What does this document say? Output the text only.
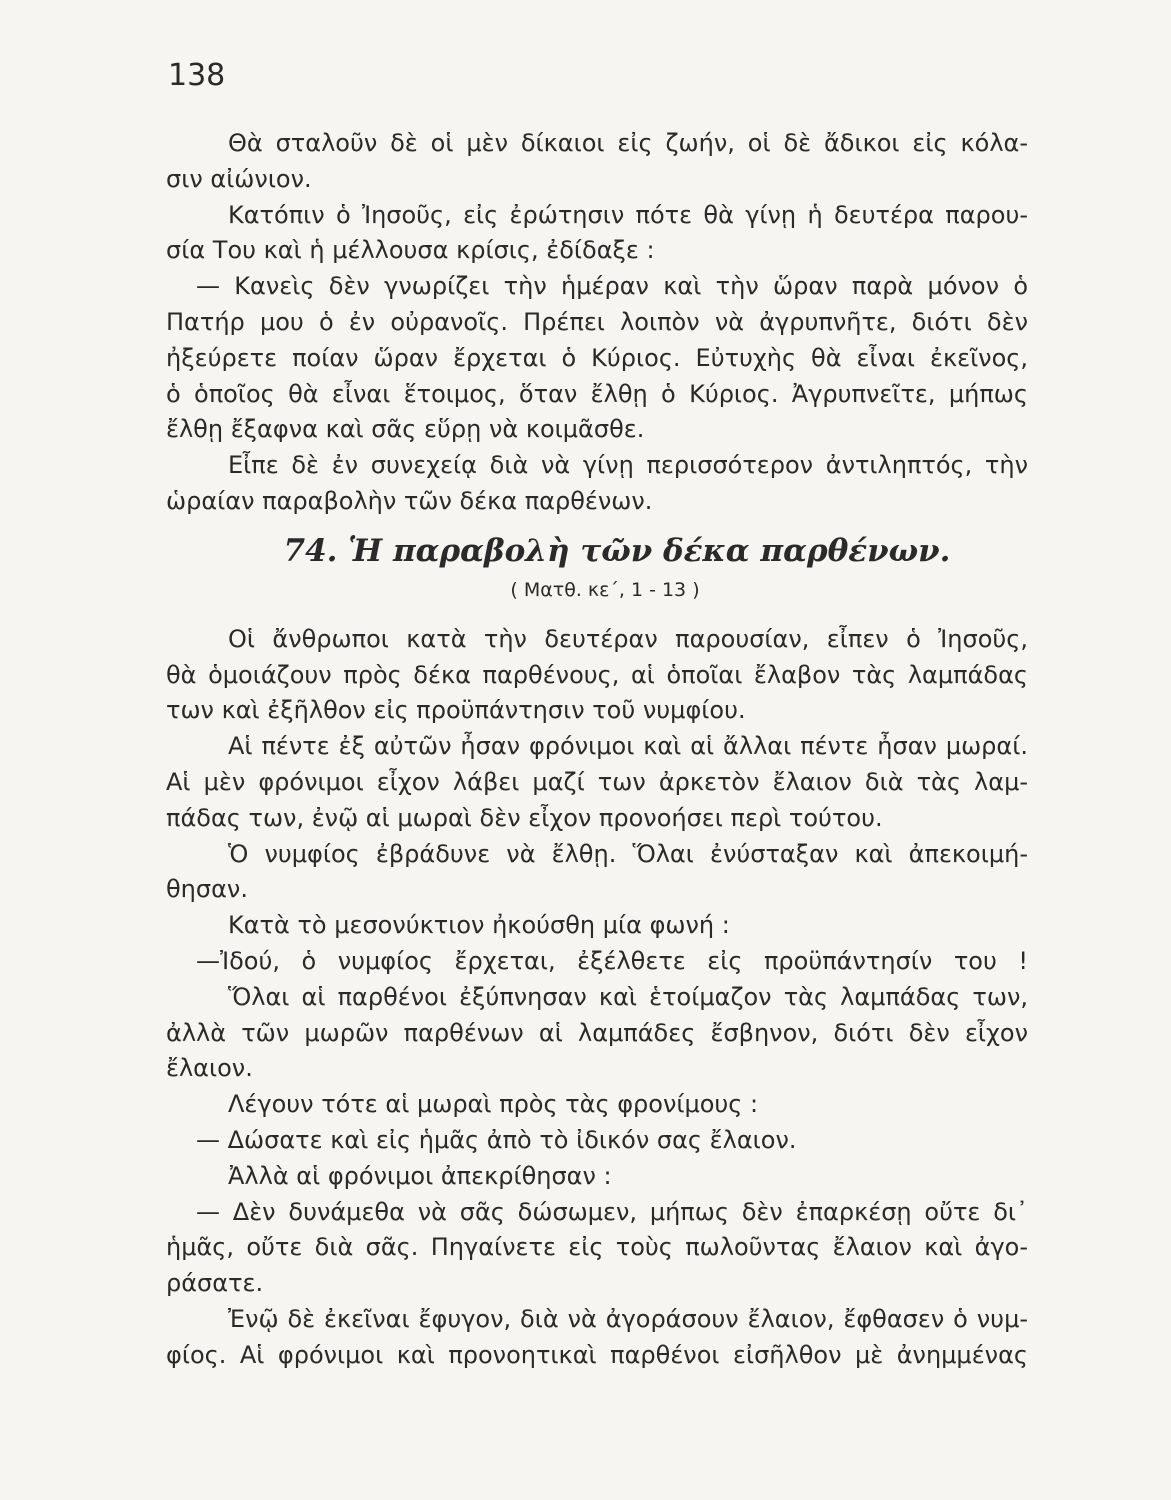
138
Θὰ σταλοῦν δὲ οἱ μὲν δίκαιοι εἰς ζωήν, οἱ δὲ ἄδικοι εἰς κόλα-
σιν αἰώνιον.
Κατόπιν ὁ Ἰησοῦς, εἰς ἐρώτησιν πότε θὰ γίνῃ ἡ δευτέρα παρου-
σία Του καὶ ἡ μέλλουσα κρίσις, ἐδίδαξε :
— Κανεὶς δὲν γνωρίζει τὴν ἡμέραν καὶ τὴν ὥραν παρὰ μόνον ὁ
Πατήρ μου ὁ ἐν οὐρανοῖς. Πρέπει λοιπὸν νὰ ἀγρυπνῆτε, διότι δὲν
ἠξεύρετε ποίαν ὥραν ἔρχεται ὁ Κύριος. Εὐτυχὴς θὰ εἶναι ἐκεῖνος,
ὁ ὁποῖος θὰ εἶναι ἕτοιμος, ὅταν ἔλθῃ ὁ Κύριος. Ἀγρυπνεῖτε, μήπως
ἔλθῃ ἔξαφνα καὶ σᾶς εὕρῃ νὰ κοιμᾶσθε.
Εἶπε δὲ ἐν συνεχείᾳ διὰ νὰ γίνῃ περισσότερον ἀντιληπτός, τὴν
ὡραίαν παραβολὴν τῶν δέκα παρθένων.
74. Ἡ παραβολὴ τῶν δέκα παρθένων.
( Ματθ. κε΄, 1 - 13 )
Οἱ ἄνθρωποι κατὰ τὴν δευτέραν παρουσίαν, εἶπεν ὁ Ἰησοῦς,
θὰ ὁμοιάζουν πρὸς δέκα παρθένους, αἱ ὁποῖαι ἔλαβον τὰς λαμπάδας
των καὶ ἐξῆλθον εἰς προϋπάντησιν τοῦ νυμφίου.
Αἱ πέντε ἐξ αὐτῶν ἦσαν φρόνιμοι καὶ αἱ ἄλλαι πέντε ἦσαν μωραί.
Αἱ μὲν φρόνιμοι εἶχον λάβει μαζί των ἀρκετὸν ἔλαιον διὰ τὰς λαμ-
πάδας των, ἐνῷ αἱ μωραὶ δὲν εἶχον προνοήσει περὶ τούτου.
Ὁ νυμφίος ἐβράδυνε νὰ ἔλθῃ. Ὅλαι ἐνύσταξαν καὶ ἀπεκοιμή-
θησαν.
Κατὰ τὸ μεσονύκτιον ἠκούσθη μία φωνή :
—Ἰδού, ὁ νυμφίος ἔρχεται, ἐξέλθετε εἰς προϋπάντησίν του !
Ὅλαι αἱ παρθένοι ἐξύπνησαν καὶ ἑτοίμαζον τὰς λαμπάδας των,
ἀλλὰ τῶν μωρῶν παρθένων αἱ λαμπάδες ἔσβηνον, διότι δὲν εἶχον
ἔλαιον.
Λέγουν τότε αἱ μωραὶ πρὸς τὰς φρονίμους :
— Δώσατε καὶ εἰς ἡμᾶς ἀπὸ τὸ ἰδικόν σας ἔλαιον.
Ἀλλὰ αἱ φρόνιμοι ἀπεκρίθησαν :
— Δὲν δυνάμεθα νὰ σᾶς δώσωμεν, μήπως δὲν ἐπαρκέσῃ οὔτε δι᾽
ἡμᾶς, οὔτε διὰ σᾶς. Πηγαίνετε εἰς τοὺς πωλοῦντας ἔλαιον καὶ ἀγο-
ράσατε.
Ἐνῷ δὲ ἐκεῖναι ἔφυγον, διὰ νὰ ἀγοράσουν ἔλαιον, ἔφθασεν ὁ νυμ-
φίος. Αἱ φρόνιμοι καὶ προνοητικαὶ παρθένοι εἰσῆλθον μὲ ἀνημμένας
